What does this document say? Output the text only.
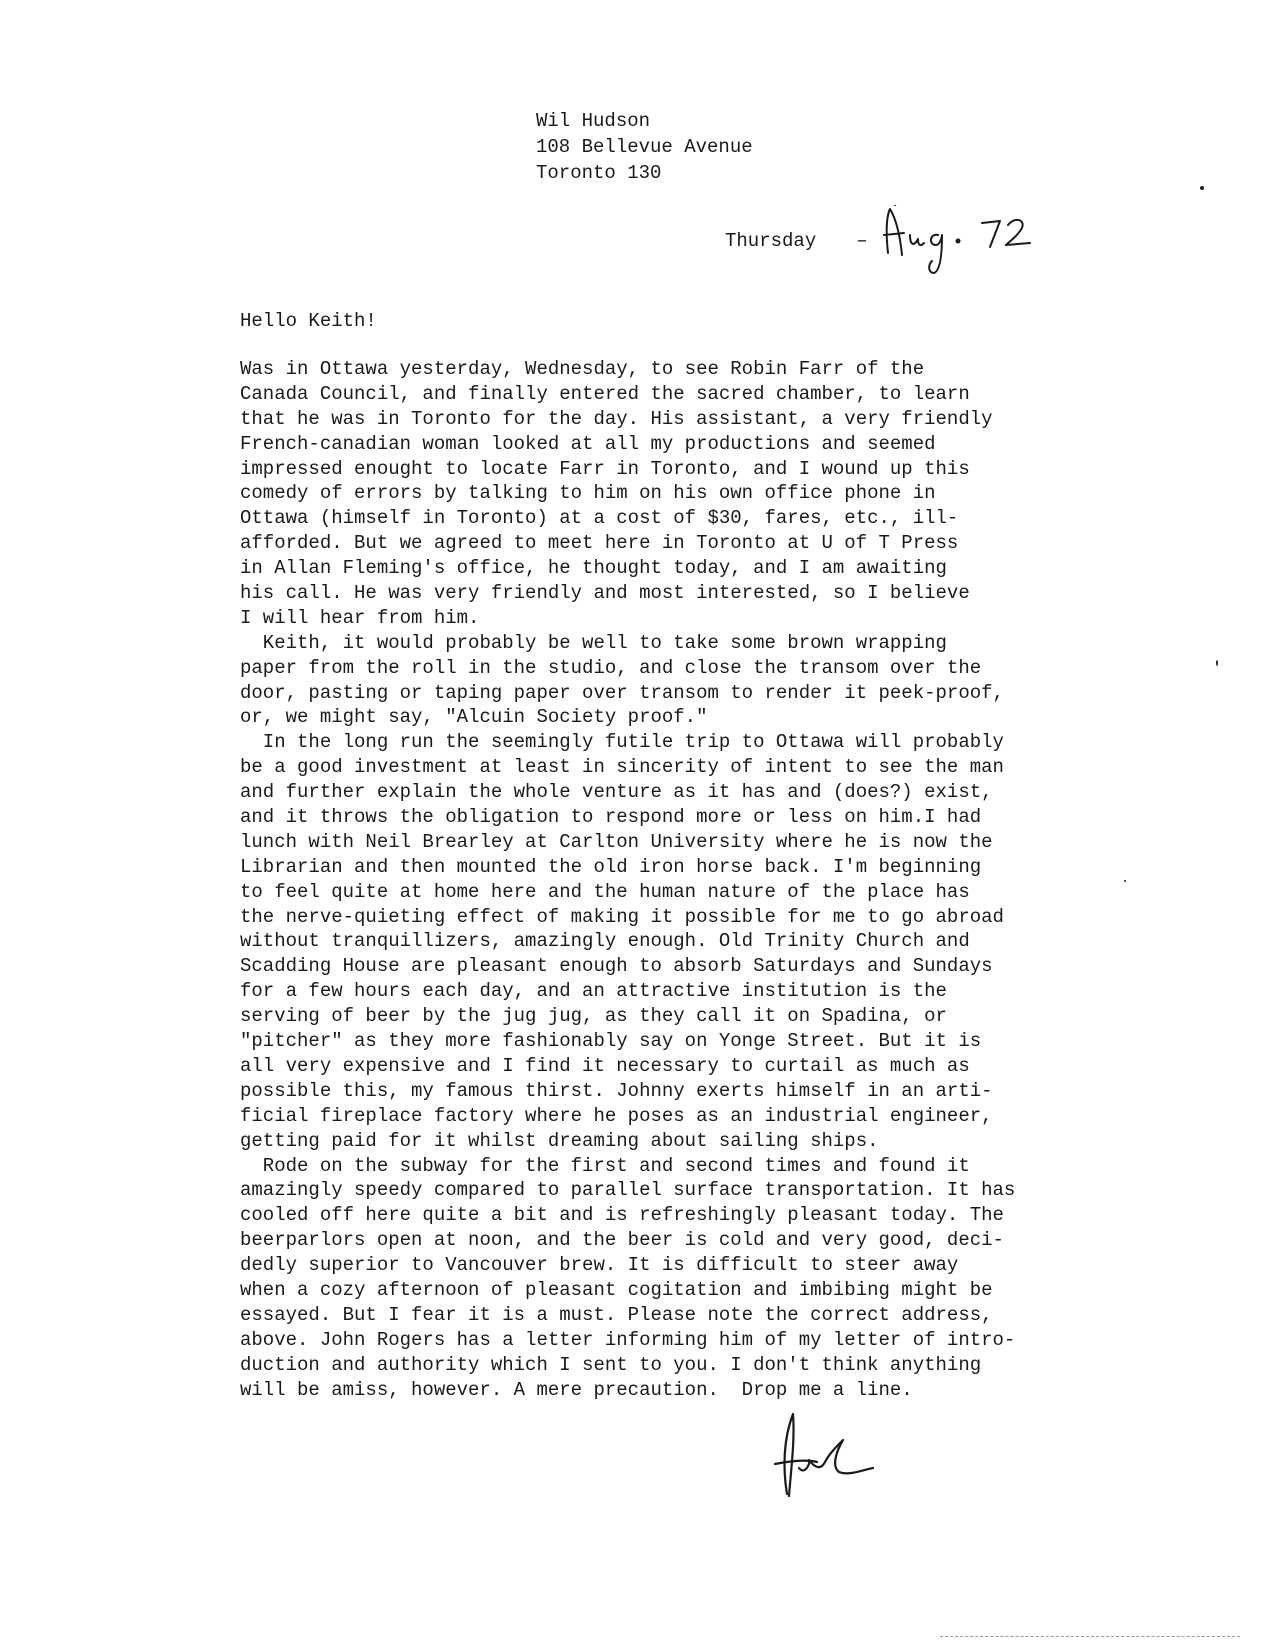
Wil Hudson
108 Bellevue Avenue
Toronto 130
Thursday –
Hello Keith!
Was in Ottawa yesterday, Wednesday, to see Robin Farr of the
Canada Council, and finally entered the sacred chamber, to learn
that he was in Toronto for the day. His assistant, a very friendly
French-canadian woman looked at all my productions and seemed
impressed enought to locate Farr in Toronto, and I wound up this
comedy of errors by talking to him on his own office phone in
Ottawa (himself in Toronto) at a cost of $30, fares, etc., ill-
afforded. But we agreed to meet here in Toronto at U of T Press
in Allan Fleming's office, he thought today, and I am awaiting
his call. He was very friendly and most interested, so I believe
I will hear from him.
Keith, it would probably be well to take some brown wrapping
paper from the roll in the studio, and close the transom over the
door, pasting or taping paper over transom to render it peek-proof,
or, we might say, "Alcuin Society proof."
In the long run the seemingly futile trip to Ottawa will probably
be a good investment at least in sincerity of intent to see the man
and further explain the whole venture as it has and (does?) exist,
and it throws the obligation to respond more or less on him.I had
lunch with Neil Brearley at Carlton University where he is now the
Librarian and then mounted the old iron horse back. I'm beginning
to feel quite at home here and the human nature of the place has
the nerve-quieting effect of making it possible for me to go abroad
without tranquillizers, amazingly enough. Old Trinity Church and
Scadding House are pleasant enough to absorb Saturdays and Sundays
for a few hours each day, and an attractive institution is the
serving of beer by the jug jug, as they call it on Spadina, or
"pitcher" as they more fashionably say on Yonge Street. But it is
all very expensive and I find it necessary to curtail as much as
possible this, my famous thirst. Johnny exerts himself in an arti-
ficial fireplace factory where he poses as an industrial engineer,
getting paid for it whilst dreaming about sailing ships.
Rode on the subway for the first and second times and found it
amazingly speedy compared to parallel surface transportation. It has
cooled off here quite a bit and is refreshingly pleasant today. The
beerparlors open at noon, and the beer is cold and very good, deci-
dedly superior to Vancouver brew. It is difficult to steer away
when a cozy afternoon of pleasant cogitation and imbibing might be
essayed. But I fear it is a must. Please note the correct address,
above. John Rogers has a letter informing him of my letter of intro-
duction and authority which I sent to you. I don't think anything
will be amiss, however. A mere precaution.  Drop me a line.
